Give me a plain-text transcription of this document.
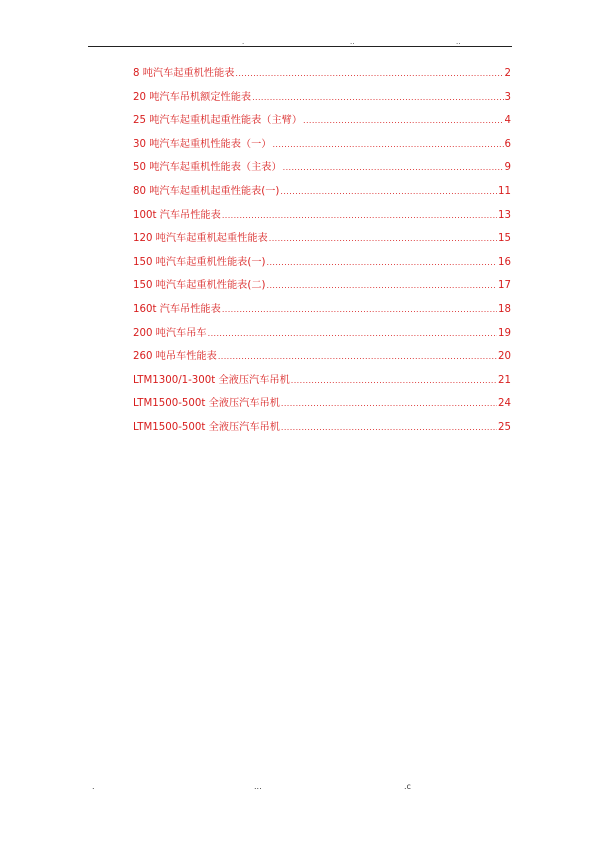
.	..	..
8 吨汽车起重机性能表 .....	2
20 吨汽车吊机额定性能表 .....	3
25 吨汽车起重机起重性能表（主臂） .....	4
30 吨汽车起重机性能表（一） .....	6
50 吨汽车起重机性能表（主表） .....	9
80 吨汽车起重机起重性能表(一) .....	11
100t 汽车吊性能表 .....	13
120 吨汽车起重机起重性能表 .....	15
150 吨汽车起重机性能表(一) .....	16
150 吨汽车起重机性能表(二) .....	17
160t 汽车吊性能表 .....	18
200 吨汽车吊车 .....	19
260 吨吊车性能表 .....	20
LTM1300/1-300t 全液压汽车吊机 .....	21
LTM1500-500t 全液压汽车吊机 .....	24
LTM1500-500t 全液压汽车吊机 .....	25
.	...	.c
